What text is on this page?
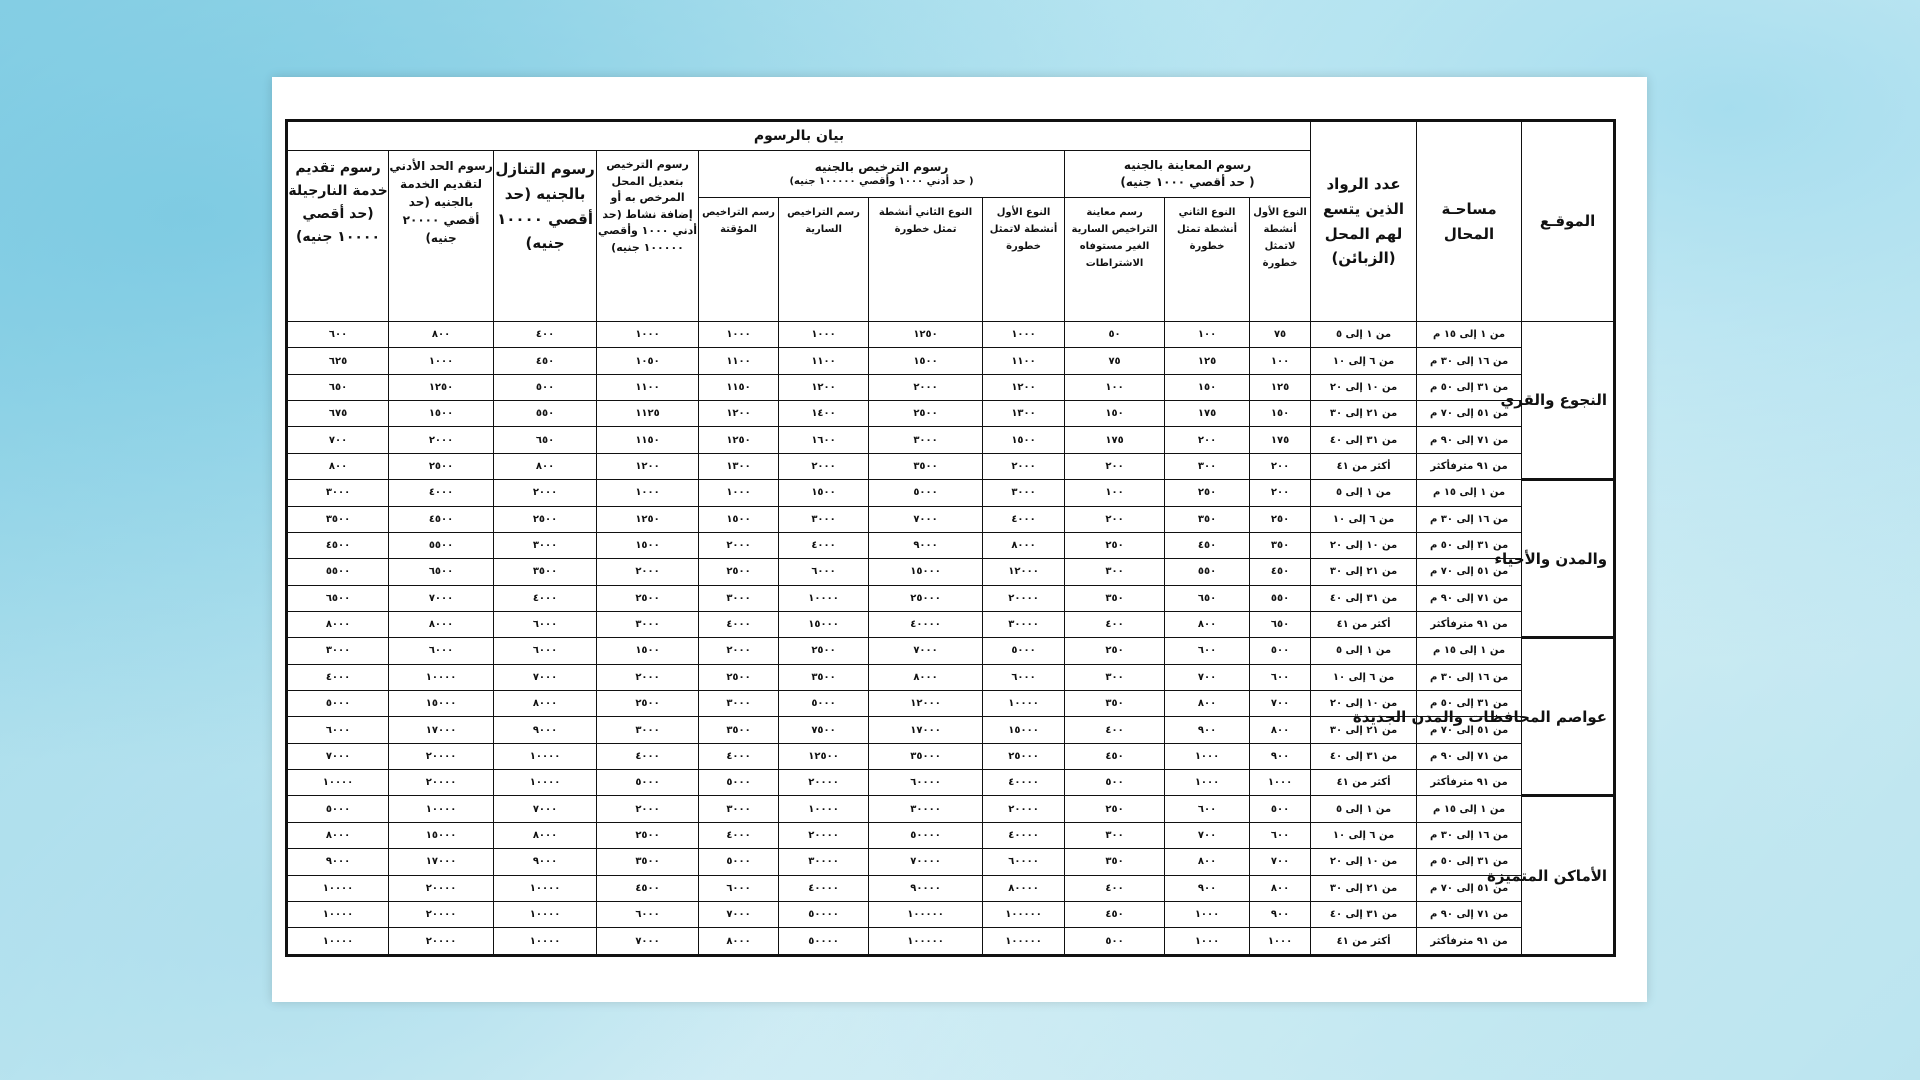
الموقـع	مساحـة المحال	عدد الرواد الذين يتسع لهم المحل (الزبائن)	بيان بالرسوم										

			رسوم المعاينة بالجنيه
( حد أقصي ١٠٠٠ جنيه)			رسوم الترخيص بالجنيه
( حد أدني ١٠٠٠ وأقصي ١٠٠٠٠٠ جنيه)				رسوم الترخيص بتعديل المحل المرخص به أو إضافة نشاط (حد أدني ١٠٠٠ وأقصي ١٠٠٠٠٠ جنيه)	رسوم التنازل بالجنيه (حد أقصي ١٠٠٠٠ جنيه)	رسوم الحد الأدني لتقديم الخدمة بالجنيه (حد أقصي ٢٠٠٠٠ جنيه)	رسوم تقديم خدمة النارجيلة (حد أقصي ١٠٠٠٠ جنيه)
			النوع الأول أنشطة لاتمثل خطورة	النوع الثاني أنشطة تمثل خطورة	رسم معاينة التراخيص السارية الغير مستوفاه الاشتراطات	النوع الأول أنشطة لاتمثل خطورة	النوع الثاني أنشطة تمثل خطورة	رسم التراخيص السارية	رسم التراخيص المؤقتة				
النجوع والقري	من ١ إلى ١٥ م	من ١ إلى ٥	٧٥	١٠٠	٥٠	١٠٠٠	١٢٥٠	١٠٠٠	١٠٠٠	١٠٠٠	٤٠٠	٨٠٠	٦٠٠
	من ١٦ إلى ٣٠ م	من ٦ إلى ١٠	١٠٠	١٢٥	٧٥	١١٠٠	١٥٠٠	١١٠٠	١١٠٠	١٠٥٠	٤٥٠	١٠٠٠	٦٢٥
	من ٣١ إلى ٥٠ م	من ١٠ إلى ٢٠	١٢٥	١٥٠	١٠٠	١٢٠٠	٢٠٠٠	١٢٠٠	١١٥٠	١١٠٠	٥٠٠	١٢٥٠	٦٥٠
	من ٥١ إلى ٧٠ م	من ٢١ إلى ٣٠	١٥٠	١٧٥	١٥٠	١٣٠٠	٢٥٠٠	١٤٠٠	١٢٠٠	١١٢٥	٥٥٠	١٥٠٠	٦٧٥
	من ٧١ إلى ٩٠ م	من ٣١ إلى ٤٠	١٧٥	٢٠٠	١٧٥	١٥٠٠	٣٠٠٠	١٦٠٠	١٢٥٠	١١٥٠	٦٥٠	٢٠٠٠	٧٠٠
	من ٩١ مترفأكثر	أكثر من ٤١	٢٠٠	٣٠٠	٢٠٠	٢٠٠٠	٣٥٠٠	٢٠٠٠	١٣٠٠	١٢٠٠	٨٠٠	٢٥٠٠	٨٠٠
والمدن والأحياء	من ١ إلى ١٥ م	من ١ إلى ٥	٢٠٠	٢٥٠	١٠٠	٣٠٠٠	٥٠٠٠	١٥٠٠	١٠٠٠	١٠٠٠	٢٠٠٠	٤٠٠٠	٣٠٠٠
	من ١٦ إلى ٣٠ م	من ٦ إلى ١٠	٢٥٠	٣٥٠	٢٠٠	٤٠٠٠	٧٠٠٠	٣٠٠٠	١٥٠٠	١٢٥٠	٢٥٠٠	٤٥٠٠	٣٥٠٠
	من ٣١ إلى ٥٠ م	من ١٠ إلى ٢٠	٣٥٠	٤٥٠	٢٥٠	٨٠٠٠	٩٠٠٠	٤٠٠٠	٢٠٠٠	١٥٠٠	٣٠٠٠	٥٥٠٠	٤٥٠٠
	من ٥١ إلى ٧٠ م	من ٢١ إلى ٣٠	٤٥٠	٥٥٠	٣٠٠	١٢٠٠٠	١٥٠٠٠	٦٠٠٠	٢٥٠٠	٢٠٠٠	٣٥٠٠	٦٥٠٠	٥٥٠٠
	من ٧١ إلى ٩٠ م	من ٣١ إلى ٤٠	٥٥٠	٦٥٠	٣٥٠	٢٠٠٠٠	٢٥٠٠٠	١٠٠٠٠	٣٠٠٠	٢٥٠٠	٤٠٠٠	٧٠٠٠	٦٥٠٠
	من ٩١ مترفأكثر	أكثر من ٤١	٦٥٠	٨٠٠	٤٠٠	٣٠٠٠٠	٤٠٠٠٠	١٥٠٠٠	٤٠٠٠	٣٠٠٠	٦٠٠٠	٨٠٠٠	٨٠٠٠
عواصم المحافظات والمدن الجديدة	من ١ إلى ١٥ م	من ١ إلى ٥	٥٠٠	٦٠٠	٢٥٠	٥٠٠٠	٧٠٠٠	٢٥٠٠	٢٠٠٠	١٥٠٠	٦٠٠٠	٦٠٠٠	٣٠٠٠
	من ١٦ إلى ٣٠ م	من ٦ إلى ١٠	٦٠٠	٧٠٠	٣٠٠	٦٠٠٠	٨٠٠٠	٣٥٠٠	٢٥٠٠	٢٠٠٠	٧٠٠٠	١٠٠٠٠	٤٠٠٠
	من ٣١ إلى ٥٠ م	من ١٠ إلى ٢٠	٧٠٠	٨٠٠	٣٥٠	١٠٠٠٠	١٢٠٠٠	٥٠٠٠	٣٠٠٠	٢٥٠٠	٨٠٠٠	١٥٠٠٠	٥٠٠٠
	من ٥١ إلى ٧٠ م	من ٢١ إلى ٣٠	٨٠٠	٩٠٠	٤٠٠	١٥٠٠٠	١٧٠٠٠	٧٥٠٠	٣٥٠٠	٣٠٠٠	٩٠٠٠	١٧٠٠٠	٦٠٠٠
	من ٧١ إلى ٩٠ م	من ٣١ إلى ٤٠	٩٠٠	١٠٠٠	٤٥٠	٢٥٠٠٠	٣٥٠٠٠	١٢٥٠٠	٤٠٠٠	٤٠٠٠	١٠٠٠٠	٢٠٠٠٠	٧٠٠٠
	من ٩١ مترفأكثر	أكثر من ٤١	١٠٠٠	١٠٠٠	٥٠٠	٤٠٠٠٠	٦٠٠٠٠	٢٠٠٠٠	٥٠٠٠	٥٠٠٠	١٠٠٠٠	٢٠٠٠٠	١٠٠٠٠
الأماكن المتميزة	من ١ إلى ١٥ م	من ١ إلى ٥	٥٠٠	٦٠٠	٢٥٠	٢٠٠٠٠	٣٠٠٠٠	١٠٠٠٠	٣٠٠٠	٢٠٠٠	٧٠٠٠	١٠٠٠٠	٥٠٠٠
	من ١٦ إلى ٣٠ م	من ٦ إلى ١٠	٦٠٠	٧٠٠	٣٠٠	٤٠٠٠٠	٥٠٠٠٠	٢٠٠٠٠	٤٠٠٠	٢٥٠٠	٨٠٠٠	١٥٠٠٠	٨٠٠٠
	من ٣١ إلى ٥٠ م	من ١٠ إلى ٢٠	٧٠٠	٨٠٠	٣٥٠	٦٠٠٠٠	٧٠٠٠٠	٣٠٠٠٠	٥٠٠٠	٣٥٠٠	٩٠٠٠	١٧٠٠٠	٩٠٠٠
	من ٥١ إلى ٧٠ م	من ٢١ إلى ٣٠	٨٠٠	٩٠٠	٤٠٠	٨٠٠٠٠	٩٠٠٠٠	٤٠٠٠٠	٦٠٠٠	٤٥٠٠	١٠٠٠٠	٢٠٠٠٠	١٠٠٠٠
	من ٧١ إلى ٩٠ م	من ٣١ إلى ٤٠	٩٠٠	١٠٠٠	٤٥٠	١٠٠٠٠٠	١٠٠٠٠٠	٥٠٠٠٠	٧٠٠٠	٦٠٠٠	١٠٠٠٠	٢٠٠٠٠	١٠٠٠٠
	من ٩١ مترفأكثر	أكثر من ٤١	١٠٠٠	١٠٠٠	٥٠٠	١٠٠٠٠٠	١٠٠٠٠٠	٥٠٠٠٠	٨٠٠٠	٧٠٠٠	١٠٠٠٠	٢٠٠٠٠	١٠٠٠٠
